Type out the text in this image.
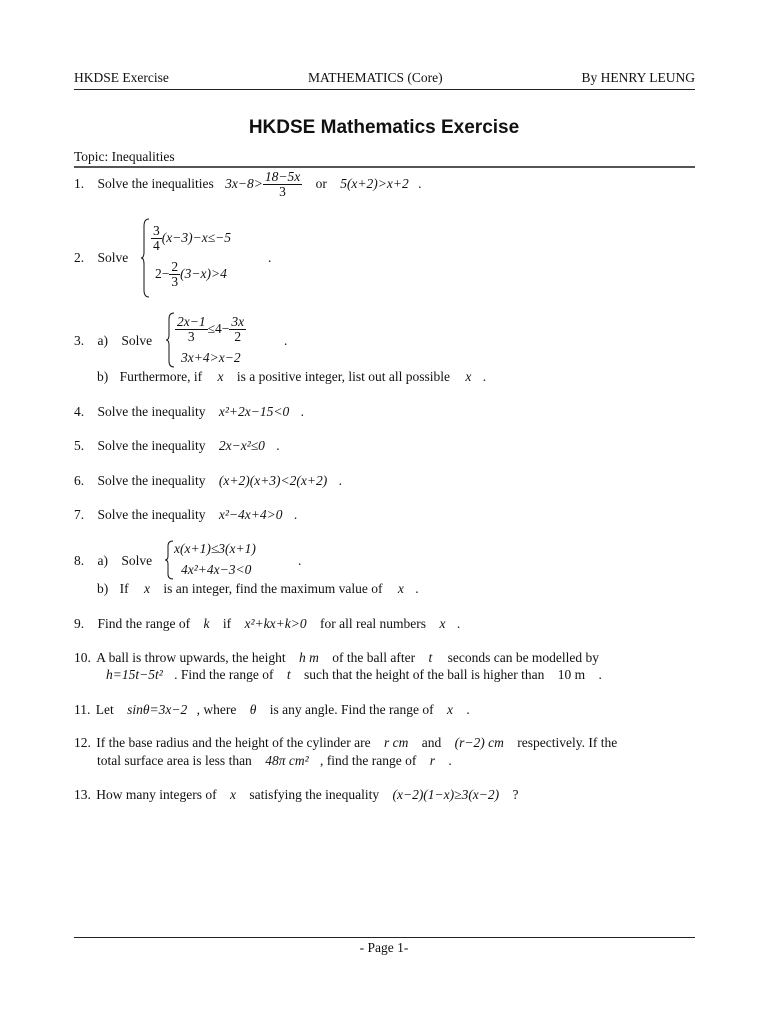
HKDSE Exercise	MATHEMATICS (Core)	By HENRY LEUNG
HKDSE Mathematics Exercise
Topic: Inequalities
1. Solve the inequalities $3x-8> \frac{18-5x}{3}$ or 5(x+2)>x+2 .
2. Solve
$\frac{3}{4} (x-3)-x\le-5$
$2- \frac{2}{3} (3-x)>4$
.
3. a) Solve $\frac{2x-1}{3} \le 4- \frac{3x}{2}$
3x+4>x−2
.
b) Furthermore, if x is a positive integer, list out all possible x .
4. Solve the inequality x²+2x−15<0 .
5. Solve the inequality 2x−x²≤0 .
6. Solve the inequality (x+2)(x+3)<2(x+2) .
7. Solve the inequality x²−4x+4>0 .
8. a) Solve
x(x+1)≤3(x+1)
4x²+4x−3<0
.
b) If x is an integer, find the maximum value of x .
9. Find the range of k if x²+kx+k>0 for all real numbers x .
10. A ball is throw upwards, the height h m of the ball after t seconds can be modelled by
h=15t−5t² . Find the range of t such that the height of the ball is higher than 10 m .
11. Let sinθ=3x−2 , where θ is any angle. Find the range of x .
12. If the base radius and the height of the cylinder are r cm and (r−2) cm respectively. If the
total surface area is less than 48π cm² , find the range of r .
13. How many integers of x satisfying the inequality (x−2)(1−x)≥3(x−2) ?
- Page 1-
